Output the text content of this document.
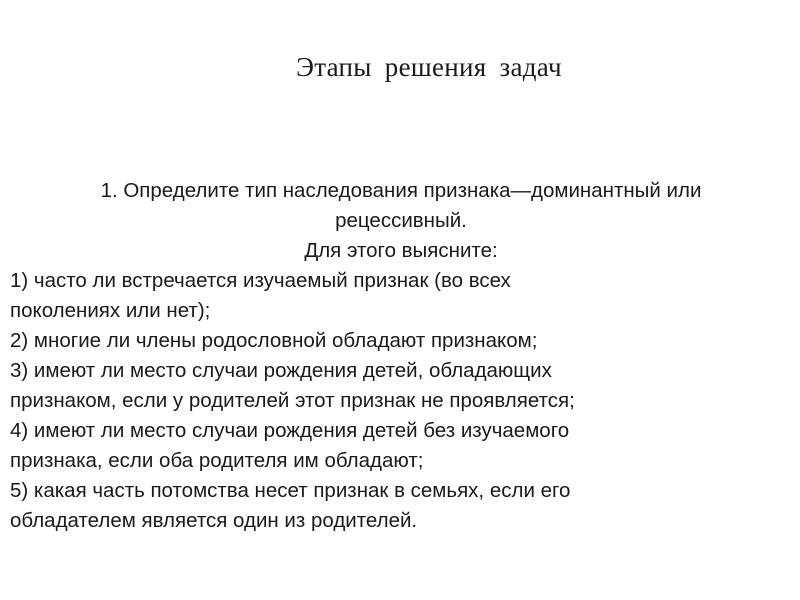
Этапы решения задач
1. Определите тип наследования признака—доминантный или
рецессивный.
Для этого выясните:
1) часто ли встречается изучаемый признак (во всех
поколениях или нет);
2) многие ли члены родословной обладают признаком;
3) имеют ли место случаи рождения детей, обладающих
признаком, если у родителей этот признак не проявляется;
4) имеют ли место случаи рождения детей без изучаемого
признака, если оба родителя им обладают;
5) какая часть потомства несет признак в семьях, если его
обладателем является один из родителей.
